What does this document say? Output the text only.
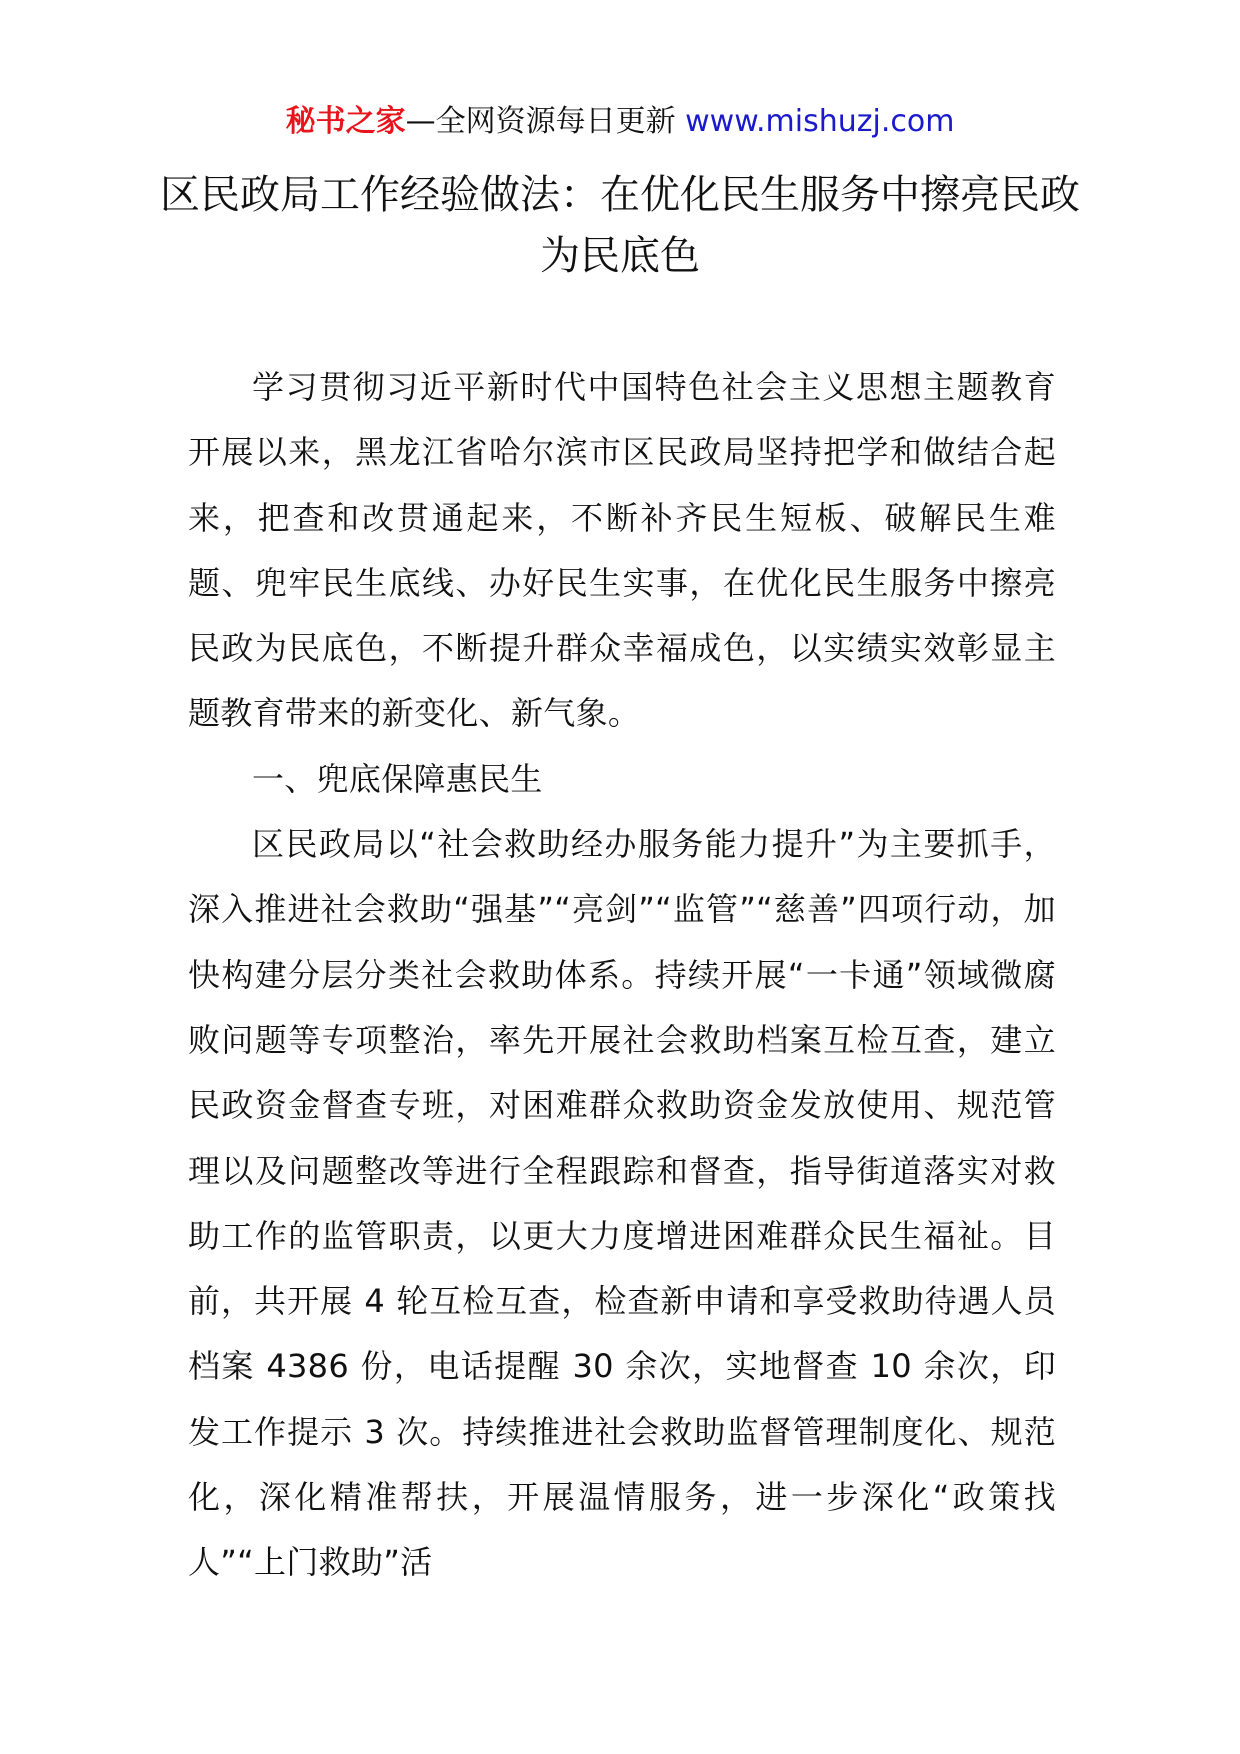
秘书之家—全网资源每日更新 www.mishuzj.com
区民政局工作经验做法：在优化民生服务中擦亮民政为民底色

学习贯彻习近平新时代中国特色社会主义思想主题教育开展以来，黑龙江省哈尔滨市区民政局坚持把学和做结合起来，把查和改贯通起来，不断补齐民生短板、破解民生难题、兜牢民生底线、办好民生实事，在优化民生服务中擦亮民政为民底色，不断提升群众幸福成色，以实绩实效彰显主题教育带来的新变化、新气象。

一、兜底保障惠民生

区民政局以“社会救助经办服务能力提升”为主要抓手，深入推进社会救助“强基”“亮剑”“监管”“慈善”四项行动，加快构建分层分类社会救助体系。持续开展“一卡通”领域微腐败问题等专项整治，率先开展社会救助档案互检互查，建立民政资金督查专班，对困难群众救助资金发放使用、规范管理以及问题整改等进行全程跟踪和督查，指导街道落实对救助工作的监管职责，以更大力度增进困难群众民生福祉。目前，共开展 4 轮互检互查，检查新申请和享受救助待遇人员档案 4386 份，电话提醒 30 余次，实地督查 10 余次，印发工作提示 3 次。持续推进社会救助监督管理制度化、规范化，深化精准帮扶，开展温情服务，进一步深化“政策找人”“上门救助”活
